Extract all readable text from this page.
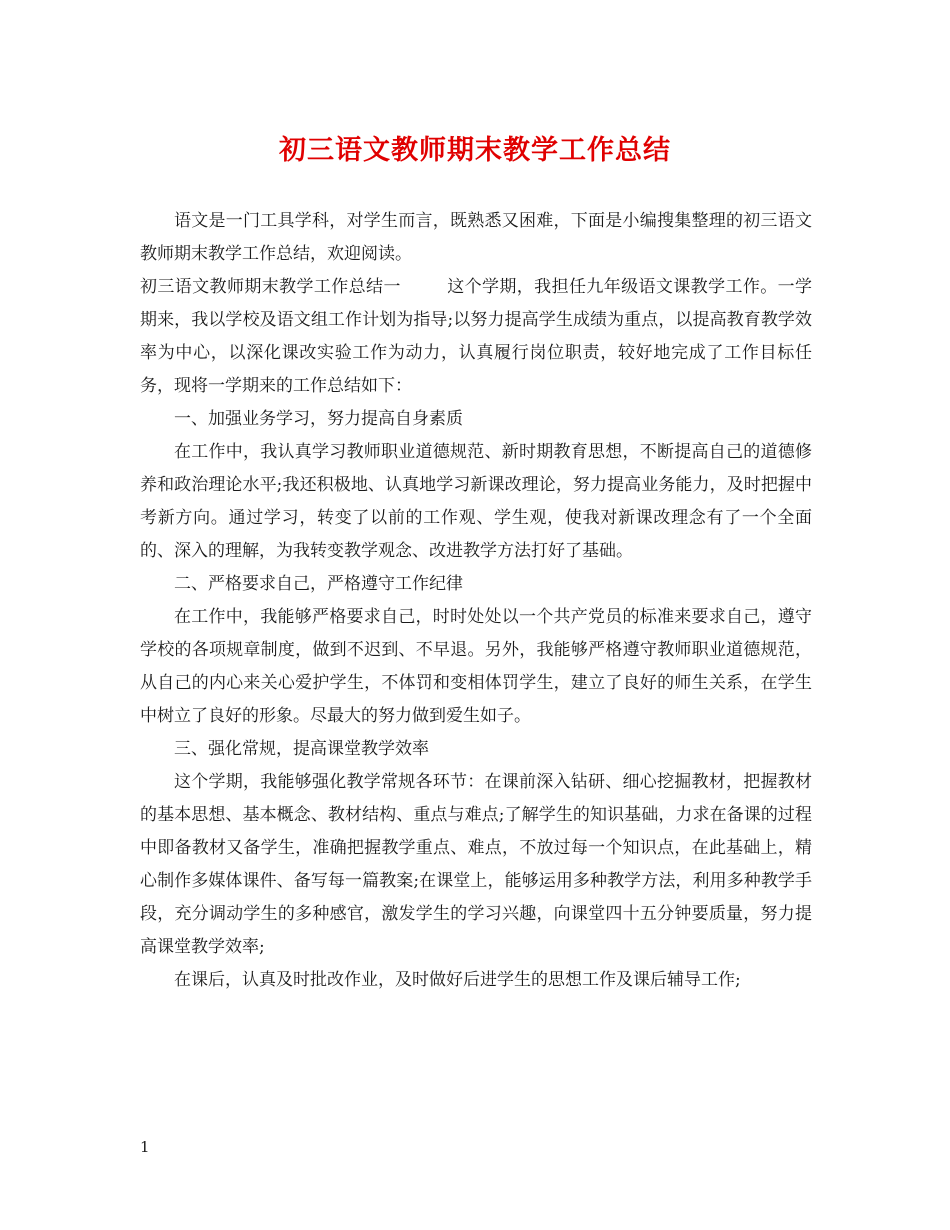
初三语文教师期末教学工作总结

语文是一门工具学科，对学生而言，既熟悉又困难，下面是小编搜集整理的初三语文教师期末教学工作总结，欢迎阅读。

初三语文教师期末教学工作总结一	这个学期，我担任九年级语文课教学工作。一学期来，我以学校及语文组工作计划为指导;以努力提高学生成绩为重点，以提高教育教学效率为中心，以深化课改实验工作为动力，认真履行岗位职责，较好地完成了工作目标任务，现将一学期来的工作总结如下：

一、加强业务学习，努力提高自身素质

在工作中，我认真学习教师职业道德规范、新时期教育思想，不断提高自己的道德修养和政治理论水平;我还积极地、认真地学习新课改理论，努力提高业务能力，及时把握中考新方向。通过学习，转变了以前的工作观、学生观，使我对新课改理念有了一个全面的、深入的理解，为我转变教学观念、改进教学方法打好了基础。

二、严格要求自己，严格遵守工作纪律

在工作中，我能够严格要求自己，时时处处以一个共产党员的标准来要求自己，遵守学校的各项规章制度，做到不迟到、不早退。另外，我能够严格遵守教师职业道德规范，从自己的内心来关心爱护学生，不体罚和变相体罚学生，建立了良好的师生关系，在学生中树立了良好的形象。尽最大的努力做到爱生如子。

三、强化常规，提高课堂教学效率

这个学期，我能够强化教学常规各环节：在课前深入钻研、细心挖掘教材，把握教材的基本思想、基本概念、教材结构、重点与难点;了解学生的知识基础，力求在备课的过程中即备教材又备学生，准确把握教学重点、难点，不放过每一个知识点，在此基础上，精心制作多媒体课件、备写每一篇教案;在课堂上，能够运用多种教学方法，利用多种教学手段，充分调动学生的多种感官，激发学生的学习兴趣，向课堂四十五分钟要质量，努力提高课堂教学效率;

在课后，认真及时批改作业，及时做好后进学生的思想工作及课后辅导工作;

1
